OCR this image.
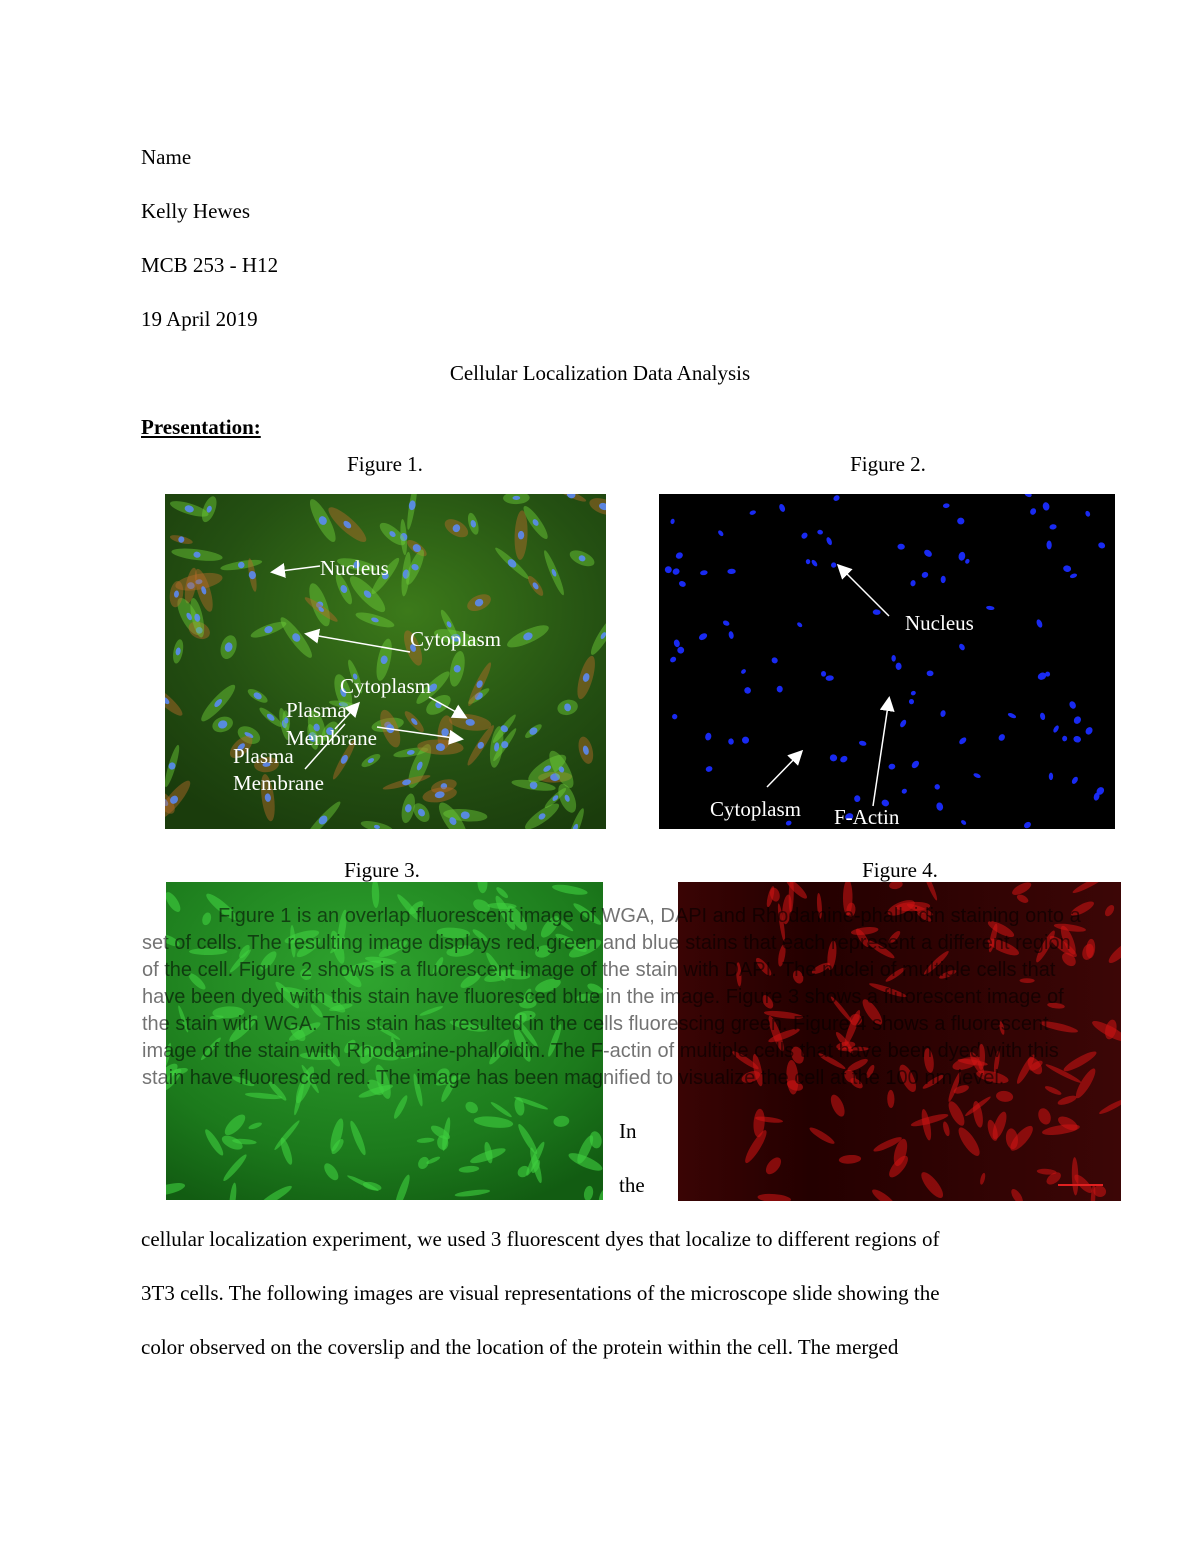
Name
Kelly Hewes
MCB 253 - H12
19 April 2019
Cellular Localization Data Analysis
Presentation:
Figure 1.	Figure 2.
Nucleus
Cytoplasm
Cytoplasm
Plasma
Membrane
Plasma
Membrane
Nucleus
Cytoplasm F-Actin
Figure 3.	Figure 4.

Figure 1 is an overlap fluorescent image of WGA, DAPI and Rhodamine-phalloidin staining onto a set of cells. The resulting image displays red, green and blue stains that each represent a different region of the cell. Figure 2 shows is a fluorescent image of the stain with DAPI. The nuclei of multiple cells that have been dyed with this stain have fluoresced blue in the image. Figure 3 shows a fluorescent image of the stain with WGA. This stain has resulted in the cells fluorescing green. Figure 4 shows a fluorescent image of the stain with Rhodamine-phalloidin. The F-actin of multiple cells that have been dyed with this stain have fluoresced red. The image has been magnified to visualize the cell at the 100 nm level.

In
the
cellular localization experiment, we used 3 fluorescent dyes that localize to different regions of
3T3 cells. The following images are visual representations of the microscope slide showing the
color observed on the coverslip and the location of the protein within the cell. The merged
